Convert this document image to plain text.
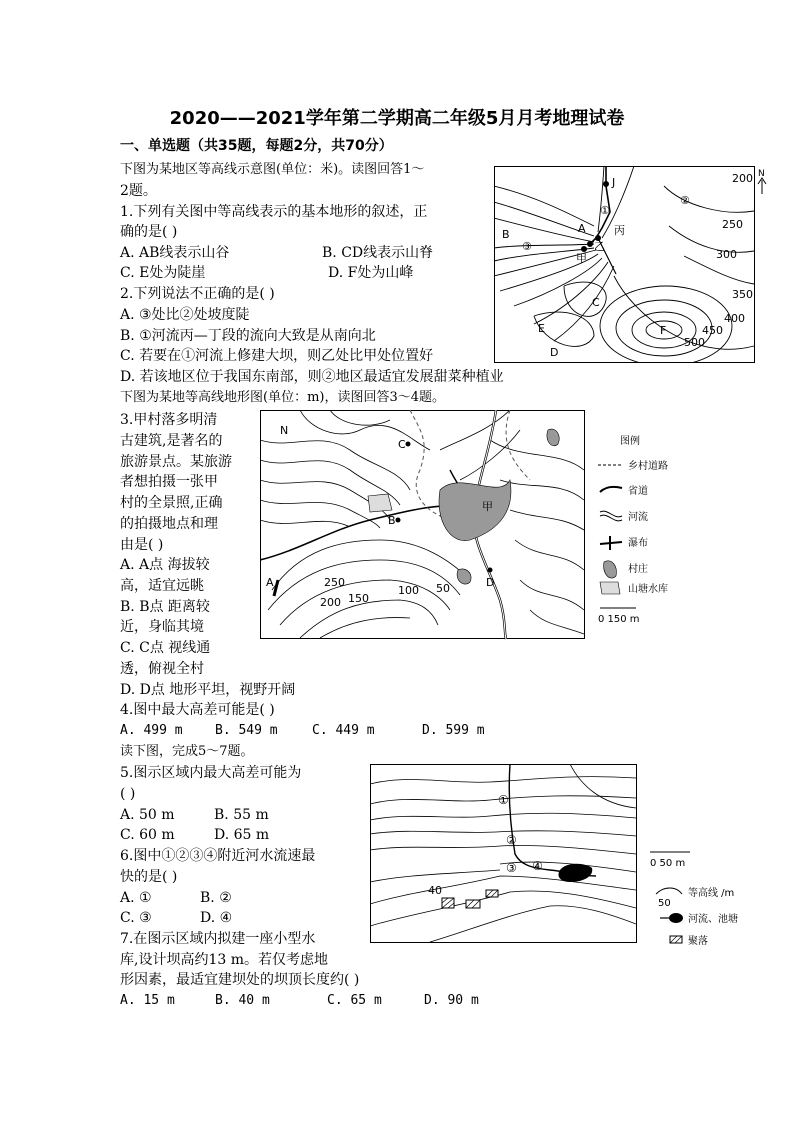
2020——2021学年第二学期高二年级5月月考地理试卷
一、单选题（共35题，每题2分，共70分）
下图为某地区等高线示意图(单位：米)。读图回答1～
2题。
1.下列有关图中等高线表示的基本地形的叙述，正
确的是( )
A. AB线表示山谷	B. CD线表示山脊
C. E处为陡崖	D. F处为山峰
2.下列说法不正确的是( )
A. ③处比②处坡度陡
B. ①河流丙—丁段的流向大致是从南向北
C. 若要在①河流上修建大坝，则乙处比甲处位置好
D. 若该地区位于我国东南部，则②地区最适宜发展甜菜种植业
J
①
②
③
A
B	丙
甲
乙
C
E
D
F
200
250
300
350
400
450
500
N
下图为某地等高线地形图(单位：m)，读图回答3～4题。
3.甲村落多明清
古建筑,是著名的
旅游景点。某旅游
者想拍摄一张甲
村的全景照,正确
的拍摄地点和理
由是( )
A. A点 海拔较
高，适宜远眺
B. B点 距离较
近，身临其境
C. C点 视线通
透，俯视全村
D. D点 地形平坦，视野开阔
4.图中最大高差可能是( )
A. 499 m B. 549 m	C. 449 m	D. 599 m
N
A
B
C
D
甲
250
200 150
100 50
图例
乡村道路
省道
河流
瀑布
村庄
山塘水库
0 150 m
读下图，完成5～7题。
5.图示区域内最大高差可能为
( )
A. 50 m	B. 55 m
C. 60 m	D. 65 m
6.图中①②③④附近河水流速最
快的是( )
A. ①	B. ②
C. ③	D. ④
7.在图示区域内拟建一座小型水
库,设计坝高约13 m。若仅考虑地
形因素，最适宜建坝处的坝顶长度约( )
A. 15 m	B. 40 m	C. 65 m	D. 90 m
①
②
③ ④
40
0 50 m
50
等高线 /m
河流、池塘
聚落
